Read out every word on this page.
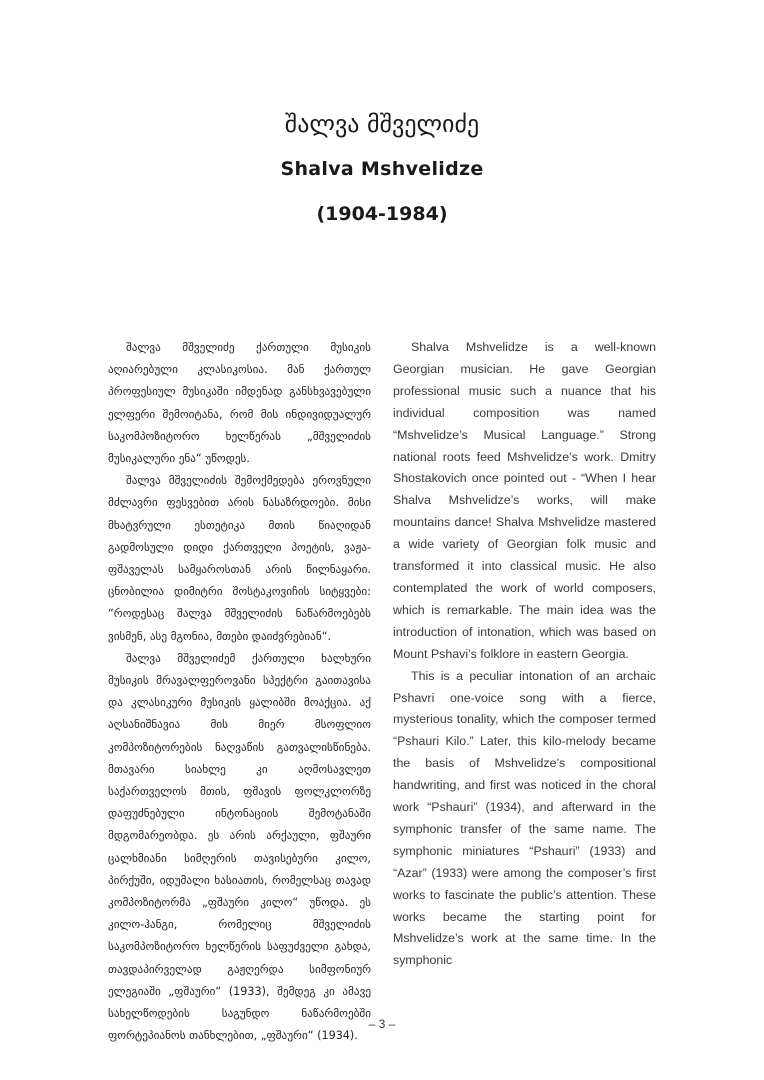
შალვა მშველიძე
Shalva Mshvelidze
(1904-1984)

შალვა მშველიძე ქართული მუსიკის აღიარებული კლასიკოსია. მან ქართულ პროფესიულ მუსიკაში იმდენად განსხვავებული ელფერი შემოიტანა, რომ მის ინდივიდუალურ საკომპოზიტორო ხელწერას „მშველიძის მუსიკალური ენა“ უწოდეს.

შალვა მშველიძის შემოქმედება ეროვნული მძლავრი ფესვებით არის ნასაზრდოები. მისი მხატვრული ესთეტიკა მთის წიაღიდან გადმოსული დიდი ქართველი პოეტის, ვაჟა-ფშაველას სამყაროსთან არის წილნაყარი. ცნობილია დიმიტრი შოსტაკოვიჩის სიტყვები: “როდესაც შალვა მშველიძის ნაწარმოებებს ვისმენ, ასე მგონია, მთები დაიძვრებიან“.

შალვა მშველიძემ ქართული ხალხური მუსიკის მრავალფეროვანი სპექტრი გაითავისა და კლასიკური მუსიკის ყალიბში მოაქცია. აქ აღსანიშნავია მის მიერ მსოფლიო კომპოზიტორების ნაღვაწის გათვალისწინება. მთავარი სიახლე კი აღმოსავლეთ საქართველოს მთის, ფშავის ფოლკლორზე დაფუძნებული ინტონაციის შემოტანაში მდგომარეობდა. ეს არის არქაული, ფშაური ცალხმიანი სიმღერის თავისებური კილო, პირქუში, იდუმალი ხასიათის, რომელსაც თავად კომპოზიტორმა „ფშაური კილო“ უწოდა. ეს კილო-ჰანგი, რომელიც მშველიძის საკომპოზიტორო ხელწერის საფუძველი გახდა, თავდაპირველად გაჟღერდა სიმფონიურ ელეგიაში „ფშაური“ (1933), შემდეგ კი ამავე სახელწოდების საგუნდო ნაწარმოებში ფორტეპიანოს თანხლებით, „ფშაური“ (1934).

Shalva Mshvelidze is a well-known Georgian musician. He gave Georgian professional music such a nuance that his individual composition was named “Mshvelidze’s Musical Language.” Strong national roots feed Mshvelidze’s work. Dmitry Shostakovich once pointed out - “When I hear Shalva Mshvelidze’s works, will make mountains dance! Shalva Mshvelidze mastered a wide variety of Georgian folk music and transformed it into classical music. He also contemplated the work of world composers, which is remarkable. The main idea was the introduction of intonation, which was based on Mount Pshavi’s folklore in eastern Georgia.

This is a peculiar intonation of an archaic Pshavri one-voice song with a fierce, mysterious tonality, which the composer termed “Pshauri Kilo.” Later, this kilo-melody became the basis of Mshvelidze’s compositional handwriting, and first was noticed in the choral work “Pshauri” (1934), and afterward in the symphonic transfer of the same name. The symphonic miniatures “Pshauri” (1933) and “Azar” (1933) were among the composer’s first works to fascinate the public’s attention. These works became the starting point for Mshvelidze’s work at the same time. In the symphonic

– 3 –
